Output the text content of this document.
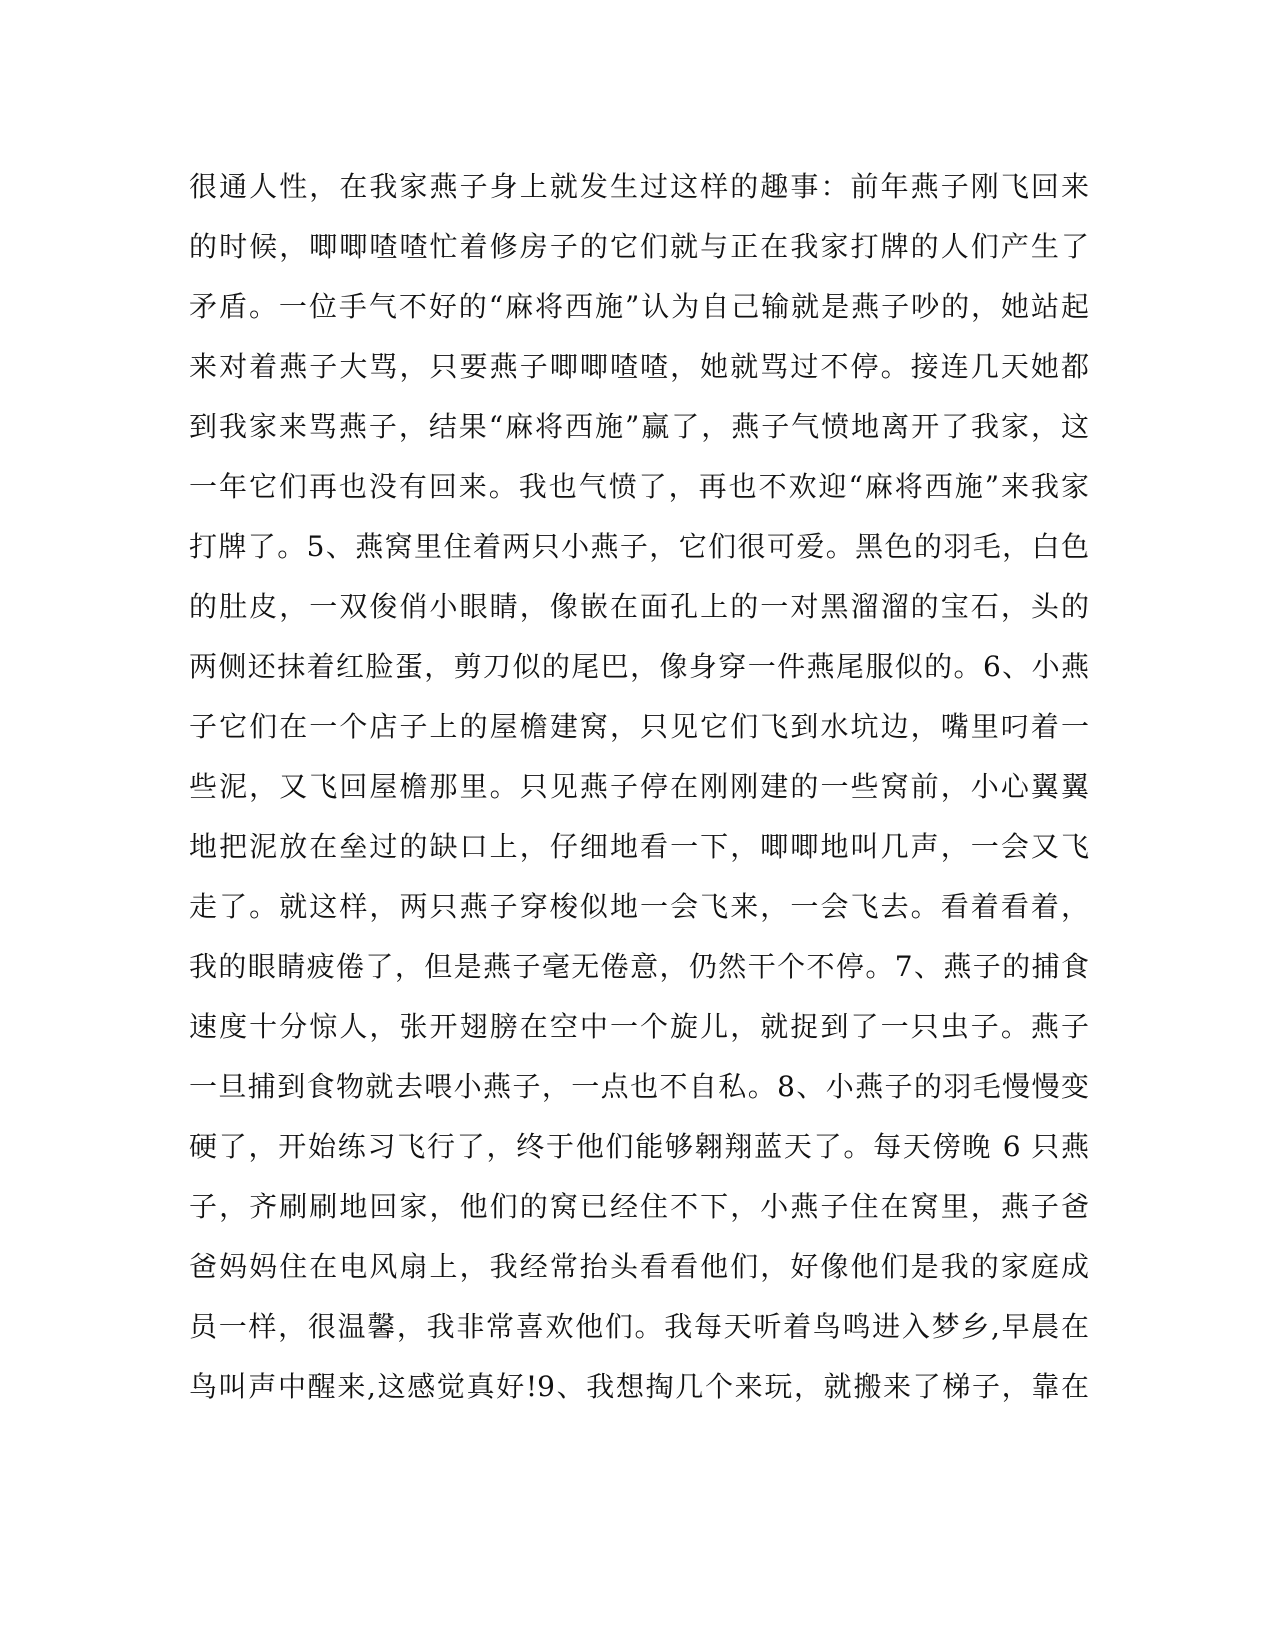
很通人性，在我家燕子身上就发生过这样的趣事：前年燕子刚飞回来
的时候，唧唧喳喳忙着修房子的它们就与正在我家打牌的人们产生了
矛盾。一位手气不好的“麻将西施”认为自己输就是燕子吵的，她站起
来对着燕子大骂，只要燕子唧唧喳喳，她就骂过不停。接连几天她都
到我家来骂燕子，结果“麻将西施”赢了，燕子气愤地离开了我家，这
一年它们再也没有回来。我也气愤了，再也不欢迎“麻将西施”来我家
打牌了。5、燕窝里住着两只小燕子，它们很可爱。黑色的羽毛，白色
的肚皮，一双俊俏小眼睛，像嵌在面孔上的一对黑溜溜的宝石，头的
两侧还抹着红脸蛋，剪刀似的尾巴，像身穿一件燕尾服似的。6、小燕
子它们在一个店子上的屋檐建窝，只见它们飞到水坑边，嘴里叼着一
些泥，又飞回屋檐那里。只见燕子停在刚刚建的一些窝前，小心翼翼
地把泥放在垒过的缺口上，仔细地看一下，唧唧地叫几声，一会又飞
走了。就这样，两只燕子穿梭似地一会飞来，一会飞去。看着看着，
我的眼睛疲倦了，但是燕子毫无倦意，仍然干个不停。7、燕子的捕食
速度十分惊人，张开翅膀在空中一个旋儿，就捉到了一只虫子。燕子
一旦捕到食物就去喂小燕子，一点也不自私。8、小燕子的羽毛慢慢变
硬了，开始练习飞行了，终于他们能够翱翔蓝天了。每天傍晚 6 只燕
子，齐刷刷地回家，他们的窝已经住不下，小燕子住在窝里，燕子爸
爸妈妈住在电风扇上，我经常抬头看看他们，好像他们是我的家庭成
员一样，很温馨，我非常喜欢他们。我每天听着鸟鸣进入梦乡,早晨在
鸟叫声中醒来,这感觉真好!9、我想掏几个来玩，就搬来了梯子，靠在
